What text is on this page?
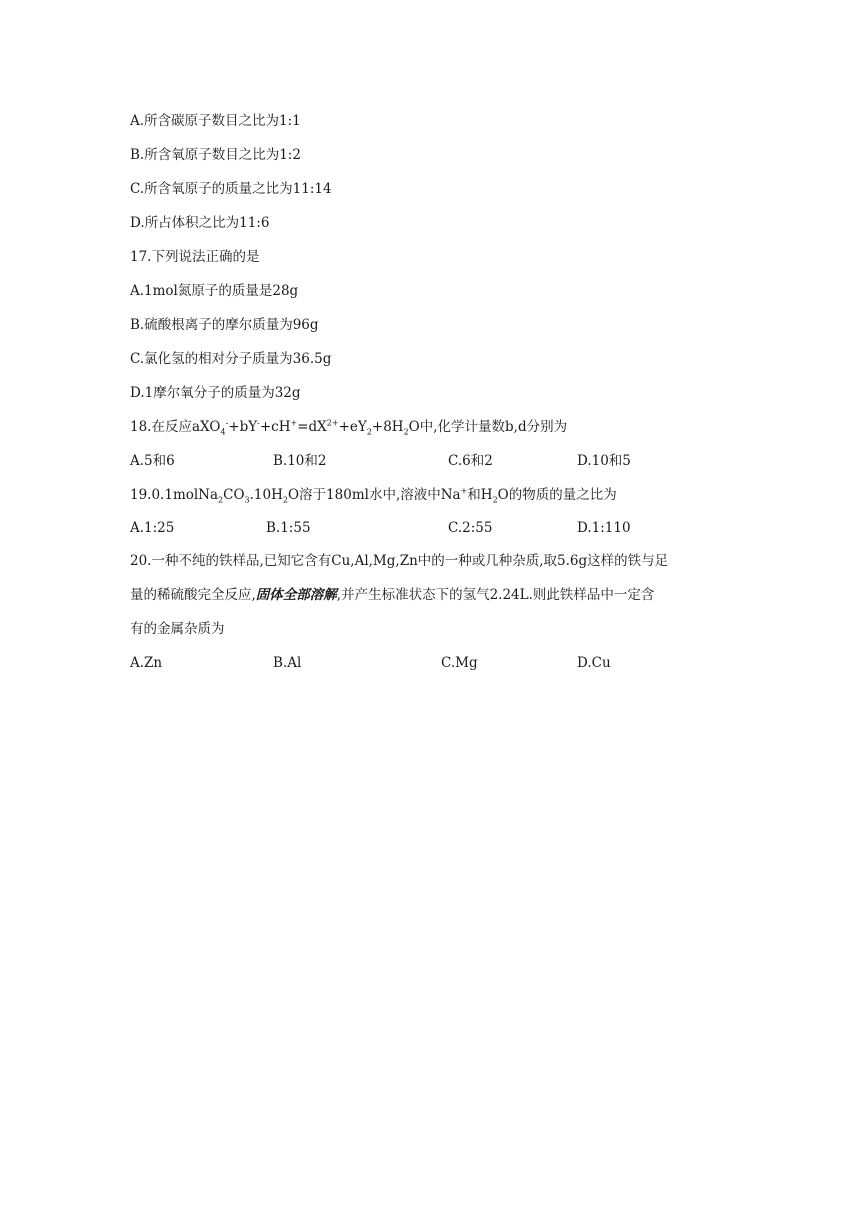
A.所含碳原子数目之比为1:1
B.所含氧原子数目之比为1:2
C.所含氧原子的质量之比为11:14
D.所占体积之比为11:6
17.下列说法正确的是
A.1mol氮原子的质量是28g
B.硫酸根离子的摩尔质量为96g
C.氯化氢的相对分子质量为36.5g
D.1摩尔氧分子的质量为32g
18.在反应$aXO_4^-+bY^-+cH^+=dX^{2+}+eY_2+8H_2O$中,化学计量数b,d分别为
A.5和6	B.10和2	C.6和2	D.10和5
$19.0.1molNa_2CO_3.10H_2O$溶于180ml水中,溶液中Na+和$H_2O$的物质的量之比为
A.1:25	B.1:55	C.2:55	D.1:110
20.一种不纯的铁样品,已知它含有Cu,Al,Mg,Zn中的一种或几种杂质,取5.6g这样的铁与足
量的稀硫酸完全反应,固体全部溶解,并产生标准状态下的氢气2.24L.则此铁样品中一定含
有的金属杂质为
A.Zn	B.Al	C.Mg	D.Cu
